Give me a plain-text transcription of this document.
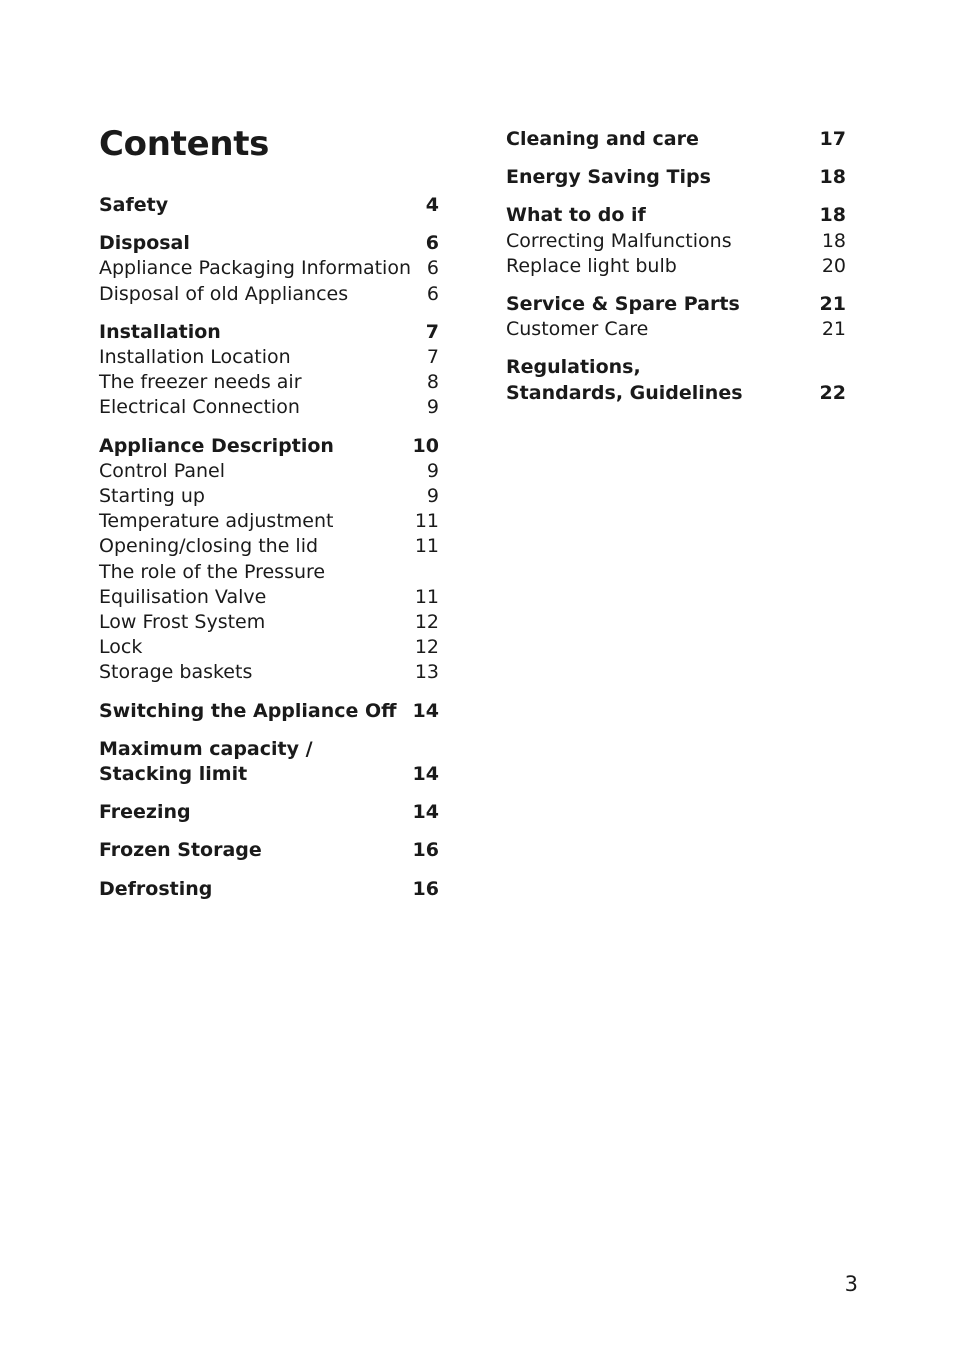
Contents
Safety	4
Disposal	6
Appliance Packaging Information 6
Disposal of old Appliances	6
Installation	7
Installation Location	7
The freezer needs air	8
Electrical Connection	9
Appliance Description	10
Control Panel	9
Starting up	9
Temperature adjustment	11
Opening/closing the lid	11
The role of the Pressure
Equilisation Valve	11
Low Frost System	12
Lock	12
Storage baskets	13
Switching the Appliance Off 14
Maximum capacity /
Stacking limit	14
Freezing	14
Frozen Storage	16
Defrosting	16
Cleaning and care	17
Energy Saving Tips	18
What to do if	18
Correcting Malfunctions	18
Replace light bulb	20
Service & Spare Parts	21
Customer Care	21
Regulations,
Standards, Guidelines	22
3
